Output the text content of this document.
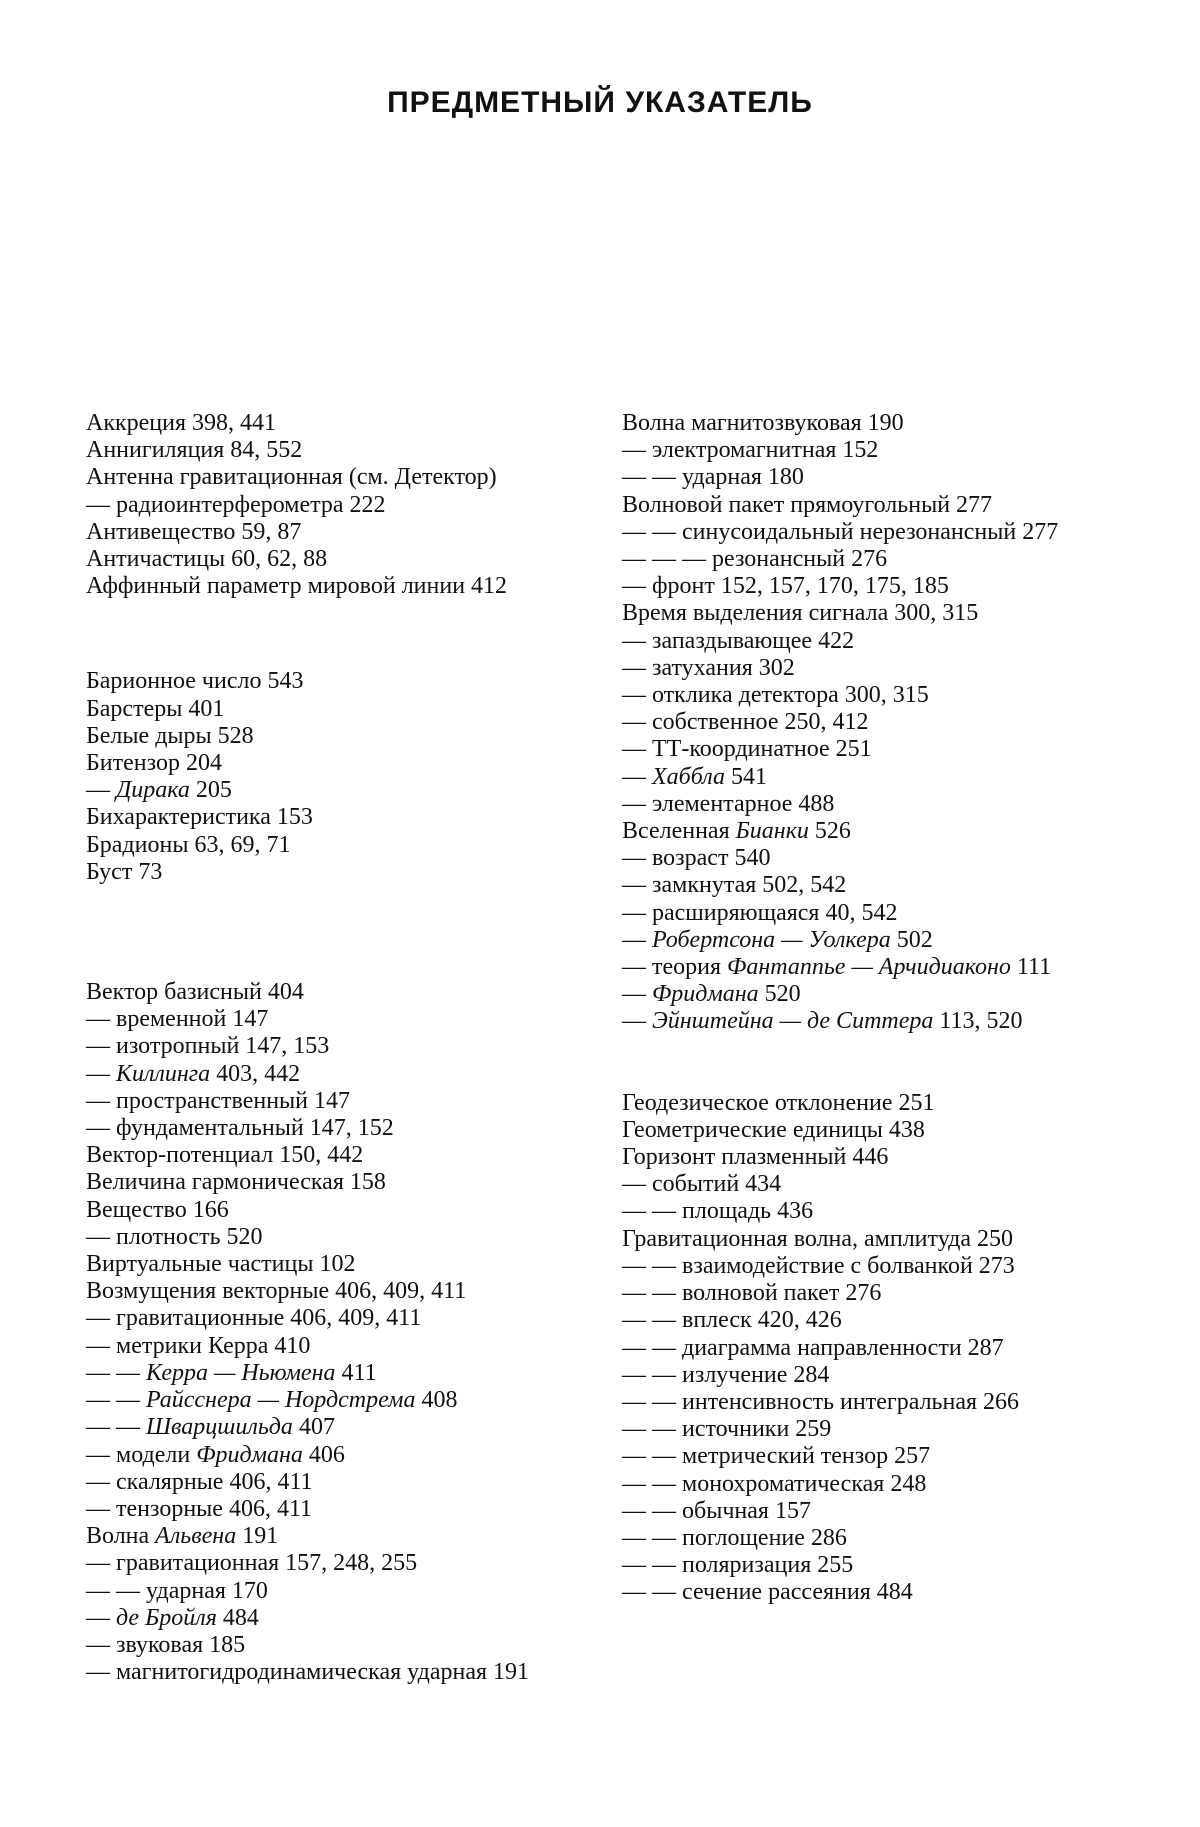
ПРЕДМЕТНЫЙ УКАЗАТЕЛЬ
Аккреция 398, 441
Аннигиляция 84, 552
Антенна гравитационная (см. Детектор)
— радиоинтерферометра 222
Антивещество 59, 87
Античастицы 60, 62, 88
Аффинный параметр мировой линии 412
Барионное число 543
Барстеры 401
Белые дыры 528
Битензор 204
— Дирака 205
Бихарактеристика 153
Брадионы 63, 69, 71
Буст 73
Вектор базисный 404
— временной 147
— изотропный 147, 153
— Киллинга 403, 442
— пространственный 147
— фундаментальный 147, 152
Вектор-потенциал 150, 442
Величина гармоническая 158
Вещество 166
— плотность 520
Виртуальные частицы 102
Возмущения векторные 406, 409, 411
— гравитационные 406, 409, 411
— метрики Керра 410
— — Керра — Ньюмена 411
— — Райсснера — Нордстрема 408
— — Шварцшильда 407
— модели Фридмана 406
— скалярные 406, 411
— тензорные 406, 411
Волна Альвена 191
— гравитационная 157, 248, 255
— — ударная 170
— де Бройля 484
— звуковая 185
— магнитогидродинамическая ударная 191
Волна магнитозвуковая 190
— электромагнитная 152
— — ударная 180
Волновой пакет прямоугольный 277
— — синусоидальный нерезонансный 277
— — — резонансный 276
— фронт 152, 157, 170, 175, 185
Время выделения сигнала 300, 315
— запаздывающее 422
— затухания 302
— отклика детектора 300, 315
— собственное 250, 412
— ТТ-координатное 251
— Хаббла 541
— элементарное 488
Вселенная Бианки 526
— возраст 540
— замкнутая 502, 542
— расширяющаяся 40, 542
— Робертсона — Уолкера 502
— теория Фантаппье — Арчидиаконо 111
— Фридмана 520
— Эйнштейна — де Ситтера 113, 520
Геодезическое отклонение 251
Геометрические единицы 438
Горизонт плазменный 446
— событий 434
— — площадь 436
Гравитационная волна, амплитуда 250
— — взаимодействие с болванкой 273
— — волновой пакет 276
— — вплеск 420, 426
— — диаграмма направленности 287
— — излучение 284
— — интенсивность интегральная 266
— — источники 259
— — метрический тензор 257
— — монохроматическая 248
— — обычная 157
— — поглощение 286
— — поляризация 255
— — сечение рассеяния 484
